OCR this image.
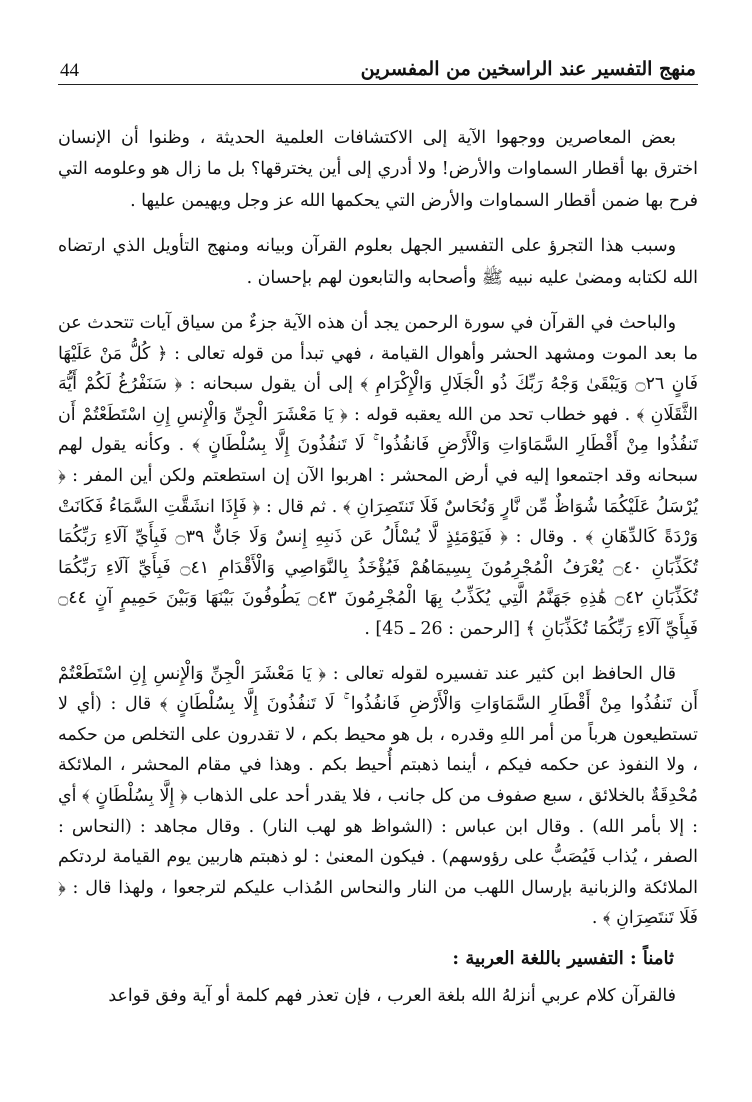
44	منهج التفسير عند الراسخين من المفسرين

بعض المعاصرين ووجهوا الآية إلى الاكتشافات العلمية الحديثة ، وظنوا أن الإنسان اخترق بها أقطار السماوات والأرض! ولا أدري إلى أين يخترقها؟ بل ما زال هو وعلومه التي فرح بها ضمن أقطار السماوات والأرض التي يحكمها الله عز وجل ويهيمن عليها .

وسبب هذا التجرؤ على التفسير الجهل بعلوم القرآن وبيانه ومنهج التأويل الذي ارتضاه الله لكتابه ومضىٰ عليه نبيه ﷺ وأصحابه والتابعون لهم بإحسان .

والباحث في القرآن في سورة الرحمن يجد أن هذه الآية جزءٌ من سياق آيات تتحدث عن ما بعد الموت ومشهد الحشر وأهوال القيامة ، فهي تبدأ من قوله تعالى : ﴿ كُلُّ مَنْ عَلَيْهَا فَانٍ ۝٢٦ وَيَبْقَىٰ وَجْهُ رَبِّكَ ذُو الْجَلَالِ وَالْإِكْرَامِ ﴾ إلى أن يقول سبحانه : ﴿ سَنَفْرُغُ لَكُمْ أَيُّهَ الثَّقَلَانِ ﴾ . فهو خطاب تحد من الله يعقبه قوله : ﴿ يَا مَعْشَرَ الْجِنِّ وَالْإِنسِ إِنِ اسْتَطَعْتُمْ أَن تَنفُذُوا مِنْ أَقْطَارِ السَّمَاوَاتِ وَالْأَرْضِ فَانفُذُوا ۚ لَا تَنفُذُونَ إِلَّا بِسُلْطَانٍ ﴾ . وكأنه يقول لهم سبحانه وقد اجتمعوا إليه في أرض المحشر : اهربوا الآن إن استطعتم ولكن أين المفر : ﴿ يُرْسَلُ عَلَيْكُمَا شُوَاظٌ مِّن نَّارٍ وَنُحَاسٌ فَلَا تَنتَصِرَانِ ﴾ . ثم قال : ﴿ فَإِذَا انشَقَّتِ السَّمَاءُ فَكَانَتْ وَرْدَةً كَالدِّهَانِ ﴾ . وقال : ﴿ فَيَوْمَئِذٍ لَّا يُسْأَلُ عَن ذَنبِهِ إِنسٌ وَلَا جَانٌّ ۝٣٩ فَبِأَيِّ آلَاءِ رَبِّكُمَا تُكَذِّبَانِ ۝٤٠ يُعْرَفُ الْمُجْرِمُونَ بِسِيمَاهُمْ فَيُؤْخَذُ بِالنَّوَاصِي وَالْأَقْدَامِ ۝٤١ فَبِأَيِّ آلَاءِ رَبِّكُمَا تُكَذِّبَانِ ۝٤٢ هَٰذِهِ جَهَنَّمُ الَّتِي يُكَذِّبُ بِهَا الْمُجْرِمُونَ ۝٤٣ يَطُوفُونَ بَيْنَهَا وَبَيْنَ حَمِيمٍ آنٍ ۝٤٤ فَبِأَيِّ آلَاءِ رَبِّكُمَا تُكَذِّبَانِ ﴾ [الرحمن : 26 ـ 45] .

قال الحافظ ابن كثير عند تفسيره لقوله تعالى : ﴿ يَا مَعْشَرَ الْجِنِّ وَالْإِنسِ إِنِ اسْتَطَعْتُمْ أَن تَنفُذُوا مِنْ أَقْطَارِ السَّمَاوَاتِ وَالْأَرْضِ فَانفُذُوا ۚ لَا تَنفُذُونَ إِلَّا بِسُلْطَانٍ ﴾ قال : (أي لا تستطيعون هرباً من أمر اللهِ وقدره ، بل هو محيط بكم ، لا تقدرون على التخلص من حكمه ، ولا النفوذ عن حكمه فيكم ، أينما ذهبتم أُحيط بكم . وهذا في مقام المحشر ، الملائكة مُحْدِقَةٌ بالخلائق ، سبع صفوف من كل جانب ، فلا يقدر أحد على الذهاب ﴿ إِلَّا بِسُلْطَانٍ ﴾ أي : إلا بأمر الله) . وقال ابن عباس : (الشواظ هو لهب النار) . وقال مجاهد : (النحاس : الصفر ، يُذاب فَيُصَبُّ على رؤوسهم) . فيكون المعنىٰ : لو ذهبتم هاربين يوم القيامة لردتكم الملائكة والزبانية بإرسال اللهب من النار والنحاس المُذاب عليكم لترجعوا ، ولهذا قال : ﴿ فَلَا تَنتَصِرَانِ ﴾ .

ثامناً : التفسير باللغة العربية :

فالقرآن كلام عربي أنزلهُ الله بلغة العرب ، فإن تعذر فهم كلمة أو آية وفق قواعد
